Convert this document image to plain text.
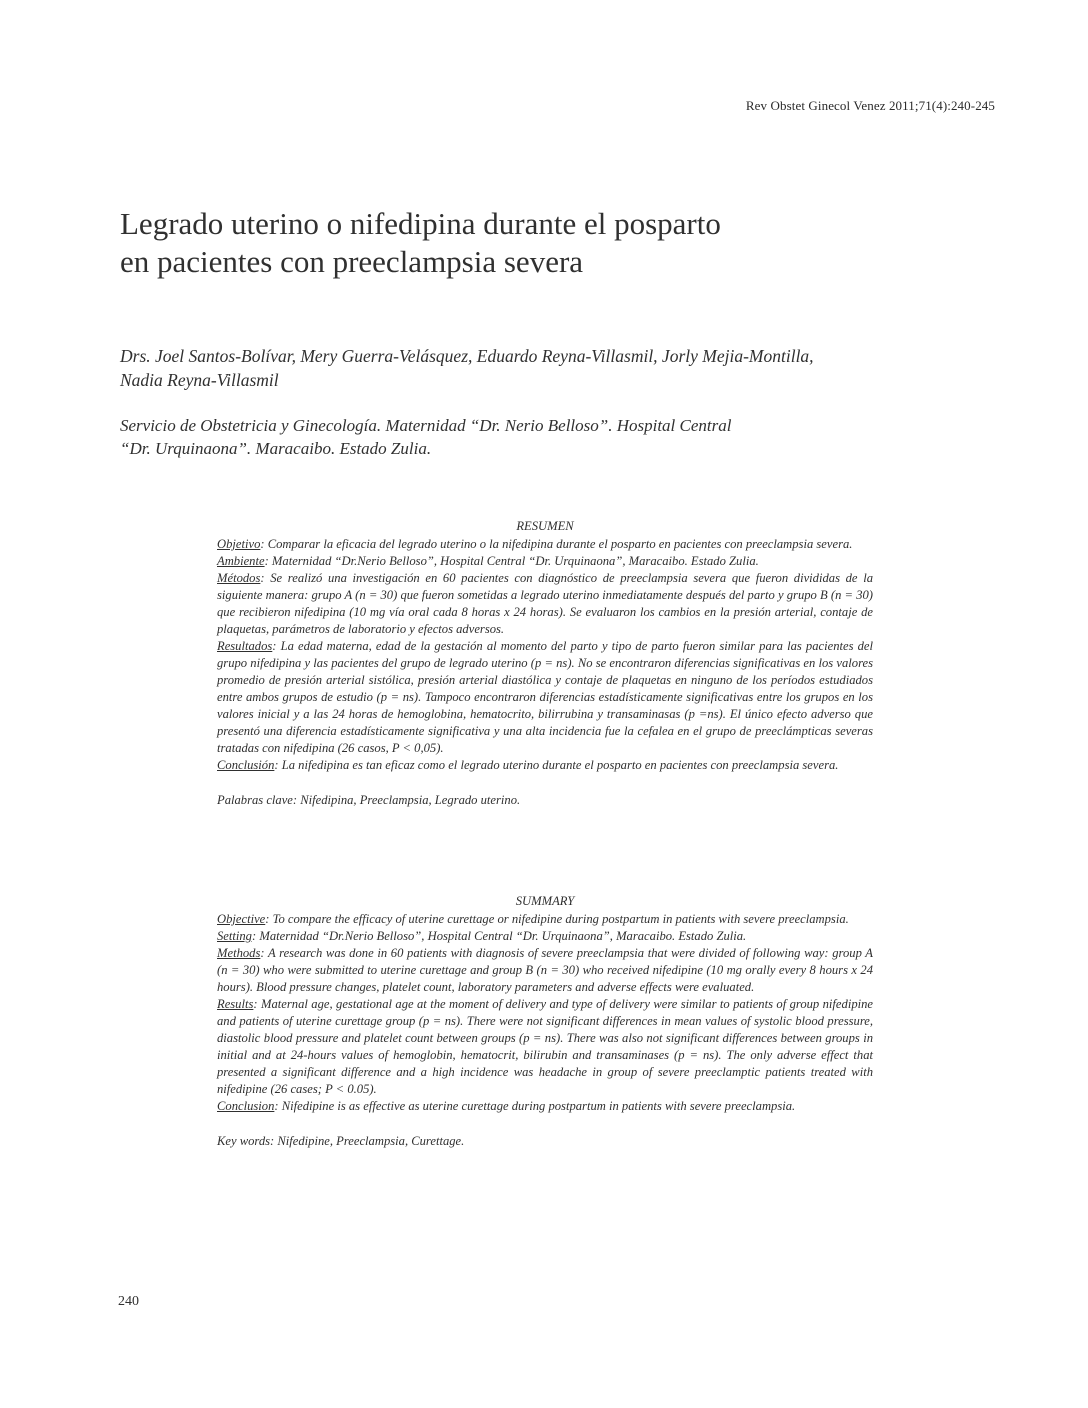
Rev Obstet Ginecol Venez 2011;71(4):240-245
Legrado uterino o nifedipina durante el posparto
en pacientes con preeclampsia severa
Drs. Joel Santos-Bolívar, Mery Guerra-Velásquez, Eduardo Reyna-Villasmil, Jorly Mejia-Montilla,
Nadia Reyna-Villasmil
Servicio de Obstetricia y Ginecología. Maternidad “Dr. Nerio Belloso”. Hospital Central
“Dr. Urquinaona”. Maracaibo. Estado Zulia.

RESUMEN

Objetivo: Comparar la eficacia del legrado uterino o la nifedipina durante el posparto en pacientes con preeclampsia severa.

Ambiente: Maternidad “Dr.Nerio Belloso”, Hospital Central “Dr. Urquinaona”, Maracaibo. Estado Zulia.

Métodos: Se realizó una investigación en 60 pacientes con diagnóstico de preeclampsia severa que fueron divididas de la siguiente manera: grupo A (n = 30) que fueron sometidas a legrado uterino inmediatamente después del parto y grupo B (n = 30) que recibieron nifedipina (10 mg vía oral cada 8 horas x 24 horas). Se evaluaron los cambios en la presión arterial, contaje de plaquetas, parámetros de laboratorio y efectos adversos.

Resultados: La edad materna, edad de la gestación al momento del parto y tipo de parto fueron similar para las pacientes del grupo nifedipina y las pacientes del grupo de legrado uterino (p = ns). No se encontraron diferencias significativas en los valores promedio de presión arterial sistólica, presión arterial diastólica y contaje de plaquetas en ninguno de los períodos estudiados entre ambos grupos de estudio (p = ns). Tampoco encontraron diferencias estadísticamente significativas entre los grupos en los valores inicial y a las 24 horas de hemoglobina, hematocrito, bilirrubina y transaminasas (p =ns). El único efecto adverso que presentó una diferencia estadísticamente significativa y una alta incidencia fue la cefalea en el grupo de preeclámpticas severas tratadas con nifedipina (26 casos, P < 0,05).

Conclusión: La nifedipina es tan eficaz como el legrado uterino durante el posparto en pacientes con preeclampsia severa.

Palabras clave: Nifedipina, Preeclampsia, Legrado uterino.

SUMMARY

Objective: To compare the efficacy of uterine curettage or nifedipine during postpartum in patients with severe preeclampsia.

Setting: Maternidad “Dr.Nerio Belloso”, Hospital Central “Dr. Urquinaona”, Maracaibo. Estado Zulia.

Methods: A research was done in 60 patients with diagnosis of severe preeclampsia that were divided of following way: group A (n = 30) who were submitted to uterine curettage and group B (n = 30) who received nifedipine (10 mg orally every 8 hours x 24 hours). Blood pressure changes, platelet count, laboratory parameters and adverse effects were evaluated.

Results: Maternal age, gestational age at the moment of delivery and type of delivery were similar to patients of group nifedipine and patients of uterine curettage group (p = ns). There were not significant differences in mean values of systolic blood pressure, diastolic blood pressure and platelet count between groups (p = ns). There was also not significant differences between groups in initial and at 24-hours values of hemoglobin, hematocrit, bilirubin and transaminases (p = ns). The only adverse effect that presented a significant difference and a high incidence was headache in group of severe preeclamptic patients treated with nifedipine (26 cases; P < 0.05).

Conclusion: Nifedipine is as effective as uterine curettage during postpartum in patients with severe preeclampsia.

Key words: Nifedipine, Preeclampsia, Curettage.

240
